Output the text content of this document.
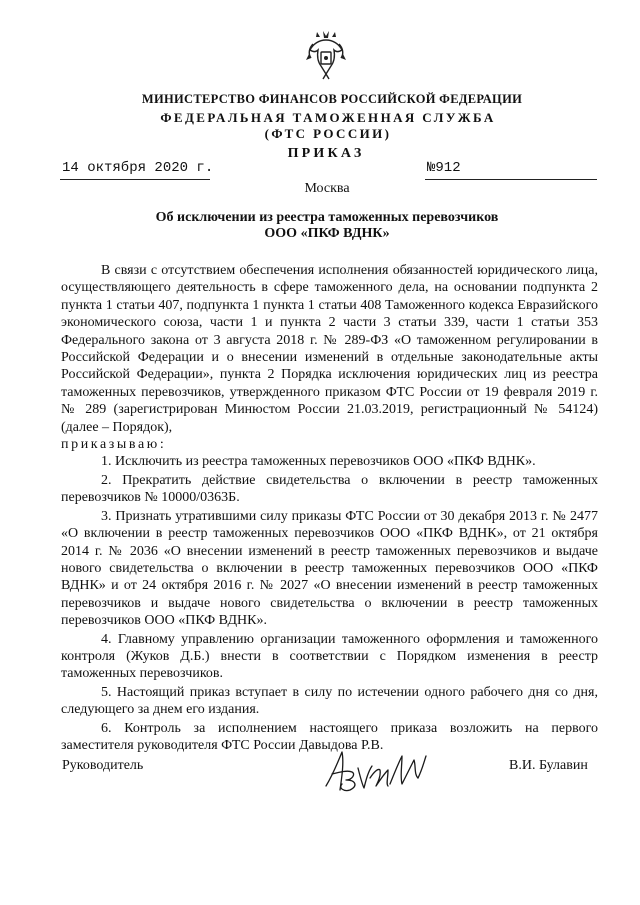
МИНИСТЕРСТВО ФИНАНСОВ РОССИЙСКОЙ ФЕДЕРАЦИИ
ФЕДЕРАЛЬНАЯ ТАМОЖЕННАЯ СЛУЖБА
(ФТС РОССИИ)
ПРИКАЗ
14 октября 2020 г.	№912
Москва
Об исключении из реестра таможенных перевозчиков
ООО «ПКФ ВДНК»

В связи с отсутствием обеспечения исполнения обязанностей юридического лица, осуществляющего деятельность в сфере таможенного дела, на основании подпункта 2 пункта 1 статьи 407, подпункта 1 пункта 1 статьи 408 Таможенного кодекса Евразийского экономического союза, части 1 и пункта 2 части 3 статьи 339, части 1 статьи 353 Федерального закона от 3 августа 2018 г. № 289-ФЗ «О таможенном регулировании в Российской Федерации и о внесении изменений в отдельные законодательные акты Российской Федерации», пункта 2 Порядка исключения юридических лиц из реестра таможенных перевозчиков, утвержденного приказом ФТС России от 19 февраля 2019 г. № 289 (зарегистрирован Минюстом России 21.03.2019, регистрационный № 54124) (далее – Порядок),

приказываю:

1. Исключить из реестра таможенных перевозчиков ООО «ПКФ ВДНК».

2. Прекратить действие свидетельства о включении в реестр таможенных перевозчиков № 10000/0363Б.

3. Признать утратившими силу приказы ФТС России от 30 декабря 2013 г. № 2477 «О включении в реестр таможенных перевозчиков ООО «ПКФ ВДНК», от 21 октября 2014 г. № 2036 «О внесении изменений в реестр таможенных перевозчиков и выдаче нового свидетельства о включении в реестр таможенных перевозчиков ООО «ПКФ ВДНК» и от 24 октября 2016 г. № 2027 «О внесении изменений в реестр таможенных перевозчиков и выдаче нового свидетельства о включении в реестр таможенных перевозчиков ООО «ПКФ ВДНК».

4. Главному управлению организации таможенного оформления и таможенного контроля (Жуков Д.Б.) внести в соответствии с Порядком изменения в реестр таможенных перевозчиков.

5. Настоящий приказ вступает в силу по истечении одного рабочего дня со дня, следующего за днем его издания.

6. Контроль за исполнением настоящего приказа возложить на первого заместителя руководителя ФТС России Давыдова Р.В.

Руководитель	В.И. Булавин
